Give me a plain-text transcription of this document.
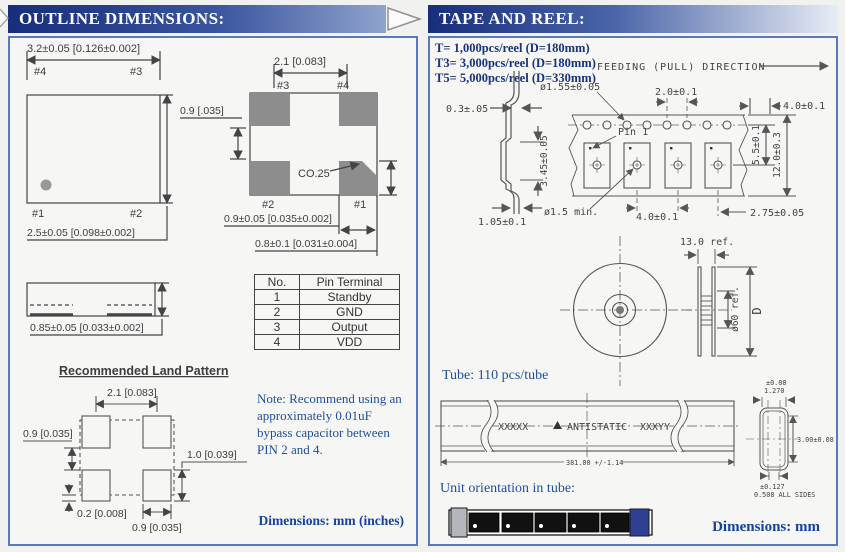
OUTLINE DIMENSIONS:	TAPE AND REEL:
3.2±0.05 [0.126±0.002]
#4	#3
#1	#2
2.5±0.05 [0.098±0.002]
2.1 [0.083]
#3	#4
0.9 [.035]
CO.25
#2	#1
0.9±0.05 [0.035±0.002]
0.8±0.1 [0.031±0.004]
0.85±0.05 [0.033±0.002]
Recommended Land Pattern
2.1 [0.083]
0.9 [0.035]
1.0 [0.039]
0.2 [0.008]
0.9 [0.035]
No.	Pin Terminal
1	Standby
2	GND
3	Output
4	VDD
Note: Recommend using an approximately 0.01uF bypass capacitor between PIN 2 and 4.
Dimensions: mm (inches)
T= 1,000pcs/reel (D=180mm)
T3= 3,000pcs/reel (D=180mm)
T5= 5,000pcs/reel (D=330mm)
FEEDING (PULL) DIRECTION
0.3±.05
3.45±0.05
1.05±0.1
ø1.55±0.05
Pin 1
ø1.5 min.
2.0±0.1
4.0±0.1
5.5±0.1 12.0±0.3
4.0±0.1	2.75±0.05
13.0 ref.
ø60 ref. D
XXXXX	ANTISTATIC XXXYY
381.00 +/-1.14
±0.08
1.270
3.00±0.08
±0.127
0.508 ALL SIDES
Tube: 110 pcs/tube
Unit orientation in tube:
Dimensions: mm
